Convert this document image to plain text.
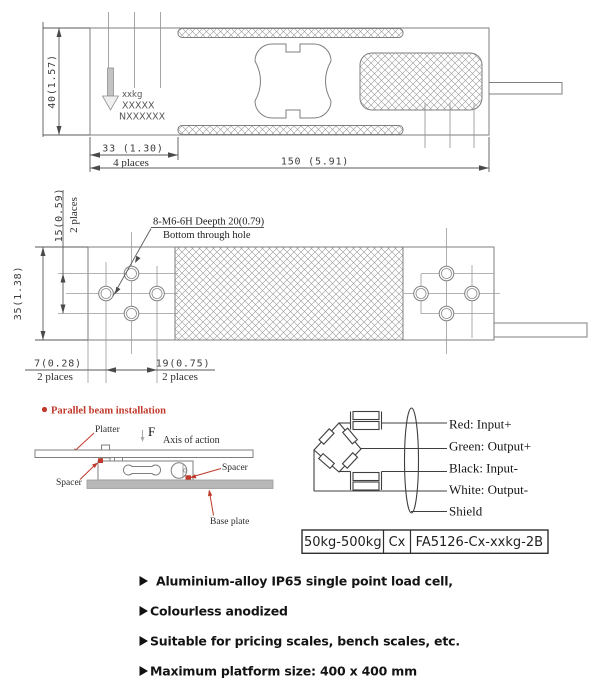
xxkg
XXXXX
NXXXXXX
40(1.57)
33 (1.30)
4 places	150 (5.91)
8-M6-6H Deepth 20(0.79)
Bottom through hole
35(1.38)
15(0.59) 2 places
7(0.28)
2 places
19(0.75)
2 places
Parallel beam installation
Platter F
Axis of action
Spacer
Spacer
Base plate
Red: Input+
Green: Output+
Black: Input-
White: Output-
Shield
50kg-500kg Cx FA5126-Cx-xxkg-2B
Aluminium-alloy IP65 single point load cell,
Colourless anodized
Suitable for pricing scales, bench scales, etc.
Maximum platform size: 400 x 400 mm
